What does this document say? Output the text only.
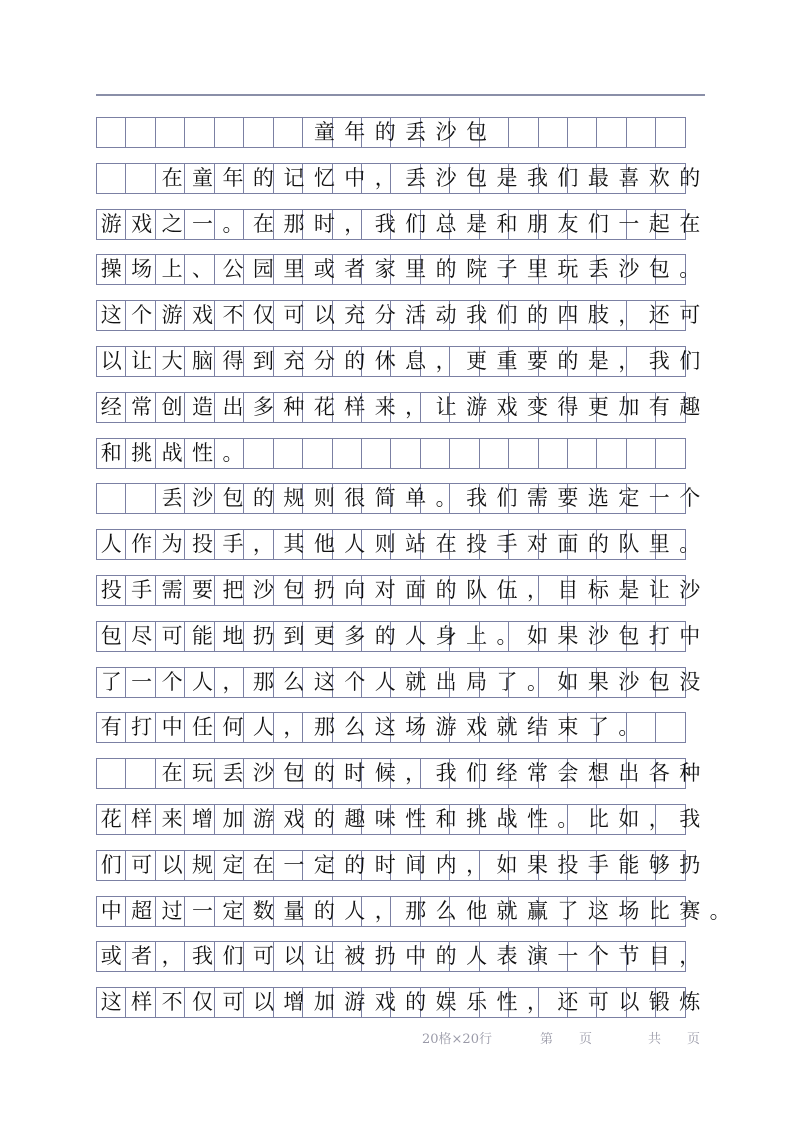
　　　　　　　童年的丢沙包
　　在童年的记忆中，丢沙包是我们最喜欢的
游戏之一。在那时，我们总是和朋友们一起在
操场上、公园里或者家里的院子里玩丢沙包。
这个游戏不仅可以充分活动我们的四肢，还可
以让大脑得到充分的休息，更重要的是，我们
经常创造出多种花样来，让游戏变得更加有趣
和挑战性。
　　丢沙包的规则很简单。我们需要选定一个
人作为投手，其他人则站在投手对面的队里。
投手需要把沙包扔向对面的队伍，目标是让沙
包尽可能地扔到更多的人身上。如果沙包打中
了一个人，那么这个人就出局了。如果沙包没
有打中任何人，那么这场游戏就结束了。
　　在玩丢沙包的时候，我们经常会想出各种
花样来增加游戏的趣味性和挑战性。比如，我
们可以规定在一定的时间内，如果投手能够扔
中超过一定数量的人，那么他就赢了这场比赛。
或者，我们可以让被扔中的人表演一个节目，
这样不仅可以增加游戏的娱乐性，还可以锻炼
20格×20行	第　　页	共　　页
